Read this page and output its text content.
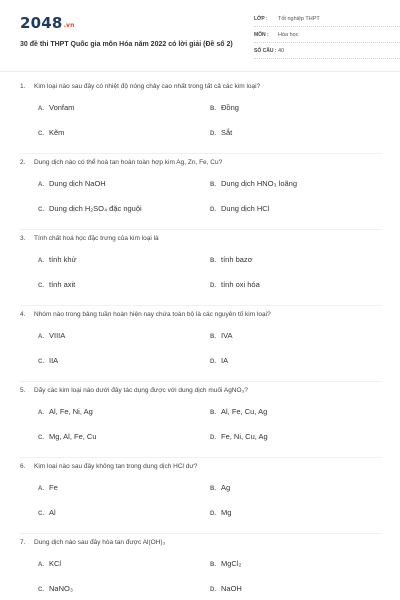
2048.vn
30 đề thi THPT Quốc gia môn Hóa năm 2022 có lời giải (Đề số 2)
LỚP : Tốt nghiệp THPT
MÔN : Hóa học
SỐ CÂU : 40
1. Kim loại nào sau đây có nhiệt độ nóng chảy cao nhất trong tất cả các kim loại?
A. Vonfam	B. Đồng
C. Kẽm	D. Sắt
2. Dung dịch nào có thể hoà tan hoàn toàn hợp kim Ag, Zn, Fe, Cu?
A. Dung dịch NaOH	B. Dung dịch HNO₃ loãng
C. Dung dịch H₂SO₄ đặc nguội	D. Dung dịch HCl
3. Tính chất hoá học đặc trưng của kim loại là
A. tính khử	B. tính bazơ
C. tính axit	D. tính oxi hóa
4. Nhóm nào trong bảng tuần hoàn hiện nay chứa toàn bộ là các nguyên tố kim loại?
A. VIIIA	B. IVA
C. IIA	D. IA
5. Dãy các kim loại nào dưới đây tác dụng được với dung dịch muối AgNO₃?
A. Al, Fe, Ni, Ag	B. Al, Fe, Cu, Ag
C. Mg, Al, Fe, Cu	D. Fe, Ni, Cu, Ag
6. Kim loại nào sau đây không tan trong dung dịch HCl dư?
A. Fe	B. Ag
C. Al	D. Mg
7. Dung dịch nào sau đây hòa tan được Al(OH)₃
A. KCl	B. MgCl₂
C. NaNO₃	D. NaOH
